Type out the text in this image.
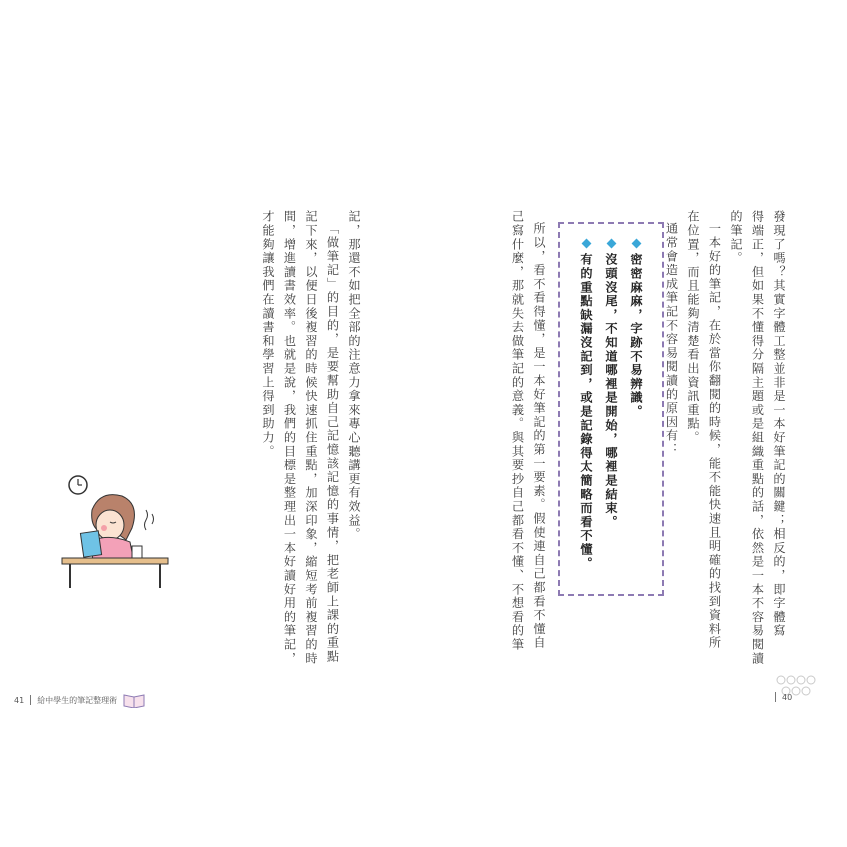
發現了嗎？其實字體工整並非是一本好筆記的關鍵；相反的，即字體寫
得端正，但如果不懂得分隔主題或是組織重點的話，依然是一本不容易閱讀
的筆記。
一本好的筆記，在於當你翻閱的時候，能不能快速且明確的找到資料所
在位置，而且能夠清楚看出資訊重點。
通常會造成筆記不容易閱讀的原因有：
密密麻麻，字跡不易辨識。
沒頭沒尾，不知道哪裡是開始，哪裡是結束。
有的重點缺漏沒記到，或是記錄得太簡略而看不懂。
所以，看不看得懂，是一本好筆記的第一要素。假使連自己都看不懂自
己寫什麼，那就失去做筆記的意義。與其要抄自己都看不懂、不想看的筆
記，那還不如把全部的注意力拿來專心聽講更有效益。
「做筆記」的目的，是要幫助自己記憶該記憶的事情，把老師上課的重點
記下來，以便日後複習的時候快速抓住重點，加深印象，縮短考前複習的時
間，增進讀書效率。也就是說，我們的目標是整理出一本好讀好用的筆記，
才能夠讓我們在讀書和學習上得到助力。
41 給中學生的筆記整理術	40
